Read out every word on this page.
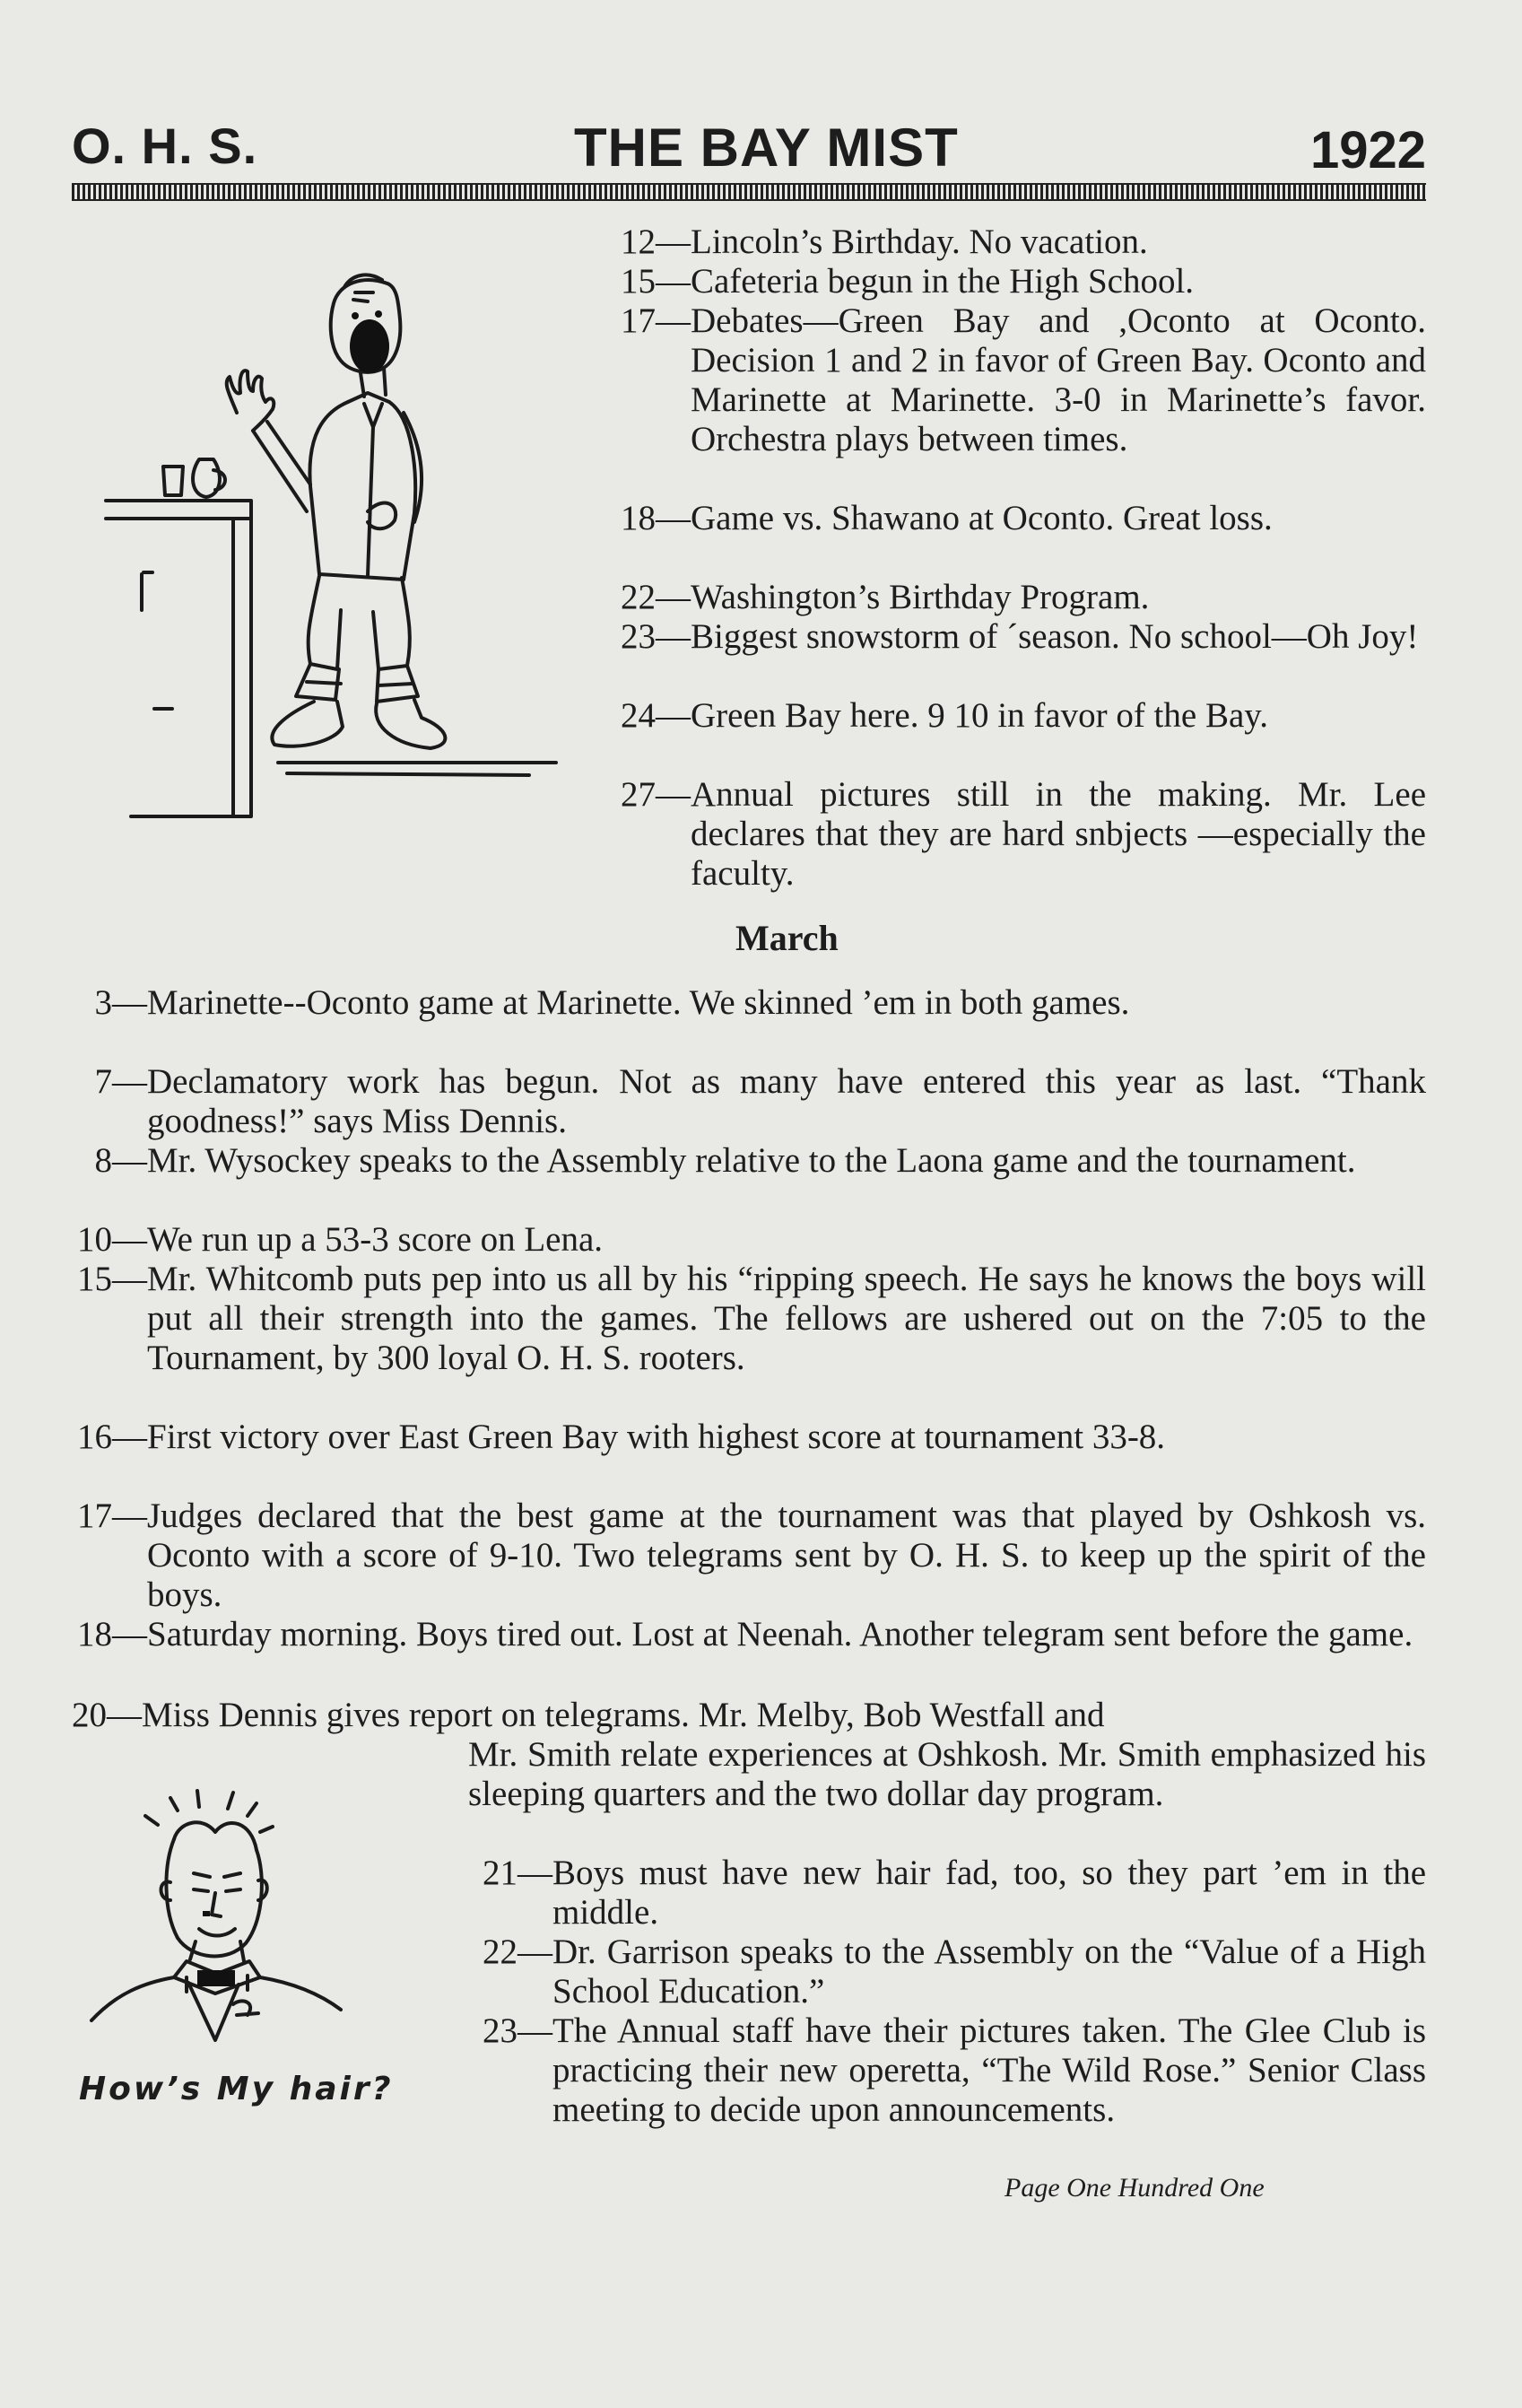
O. H. S.	THE BAY MIST	1922
12— Lincoln’s Birthday. No vacation.
15— Cafeteria begun in the High School.
17— Debates—Green Bay and ,Oconto at Oconto. Decision 1 and 2 in favor of Green Bay. Oconto and Marinette at Marinette. 3-0 in Marinette’s favor. Orchestra plays between times.
18— Game vs. Shawano at Oconto. Great loss.
22— Washington’s Birthday Program.
23— Biggest snowstorm of ˊseason. No school—Oh Joy!
24— Green Bay here. 9 10 in favor of the Bay.
27— Annual pictures still in the making. Mr. Lee declares that they are hard snbjects —especially the faculty.
March
3— Marinette--Oconto game at Marinette. We skinned ’em in both games.
7— Declamatory work has begun. Not as many have entered this year as last. “Thank goodness!” says Miss Dennis.
8— Mr. Wysockey speaks to the Assembly relative to the Laona game and the tournament.
10— We run up a 53-3 score on Lena.
15— Mr. Whitcomb puts pep into us all by his “ripping speech. He says he knows the boys will put all their strength into the games. The fellows are ushered out on the 7:05 to the Tournament, by 300 loyal O. H. S. rooters.
16— First victory over East Green Bay with highest score at tournament 33-8.
17— Judges declared that the best game at the tournament was that played by Oshkosh vs. Oconto with a score of 9-10. Two telegrams sent by O. H. S. to keep up the spirit of the boys.
18— Saturday morning. Boys tired out. Lost at Neenah. Another telegram sent before the game.
20—Miss Dennis gives report on telegrams. Mr. Melby, Bob Westfall and
Mr. Smith relate experiences at Oshkosh. Mr. Smith emphasized his sleeping quarters and the two dollar day program.
How’s My hair?
21— Boys must have new hair fad, too, so they part ’em in the middle.
22— Dr. Garrison speaks to the Assembly on the “Value of a High School Education.”
23— The Annual staff have their pictures taken. The Glee Club is practicing their new operetta, “The Wild Rose.” Senior Class meeting to decide upon announcements.
Page One Hundred One
